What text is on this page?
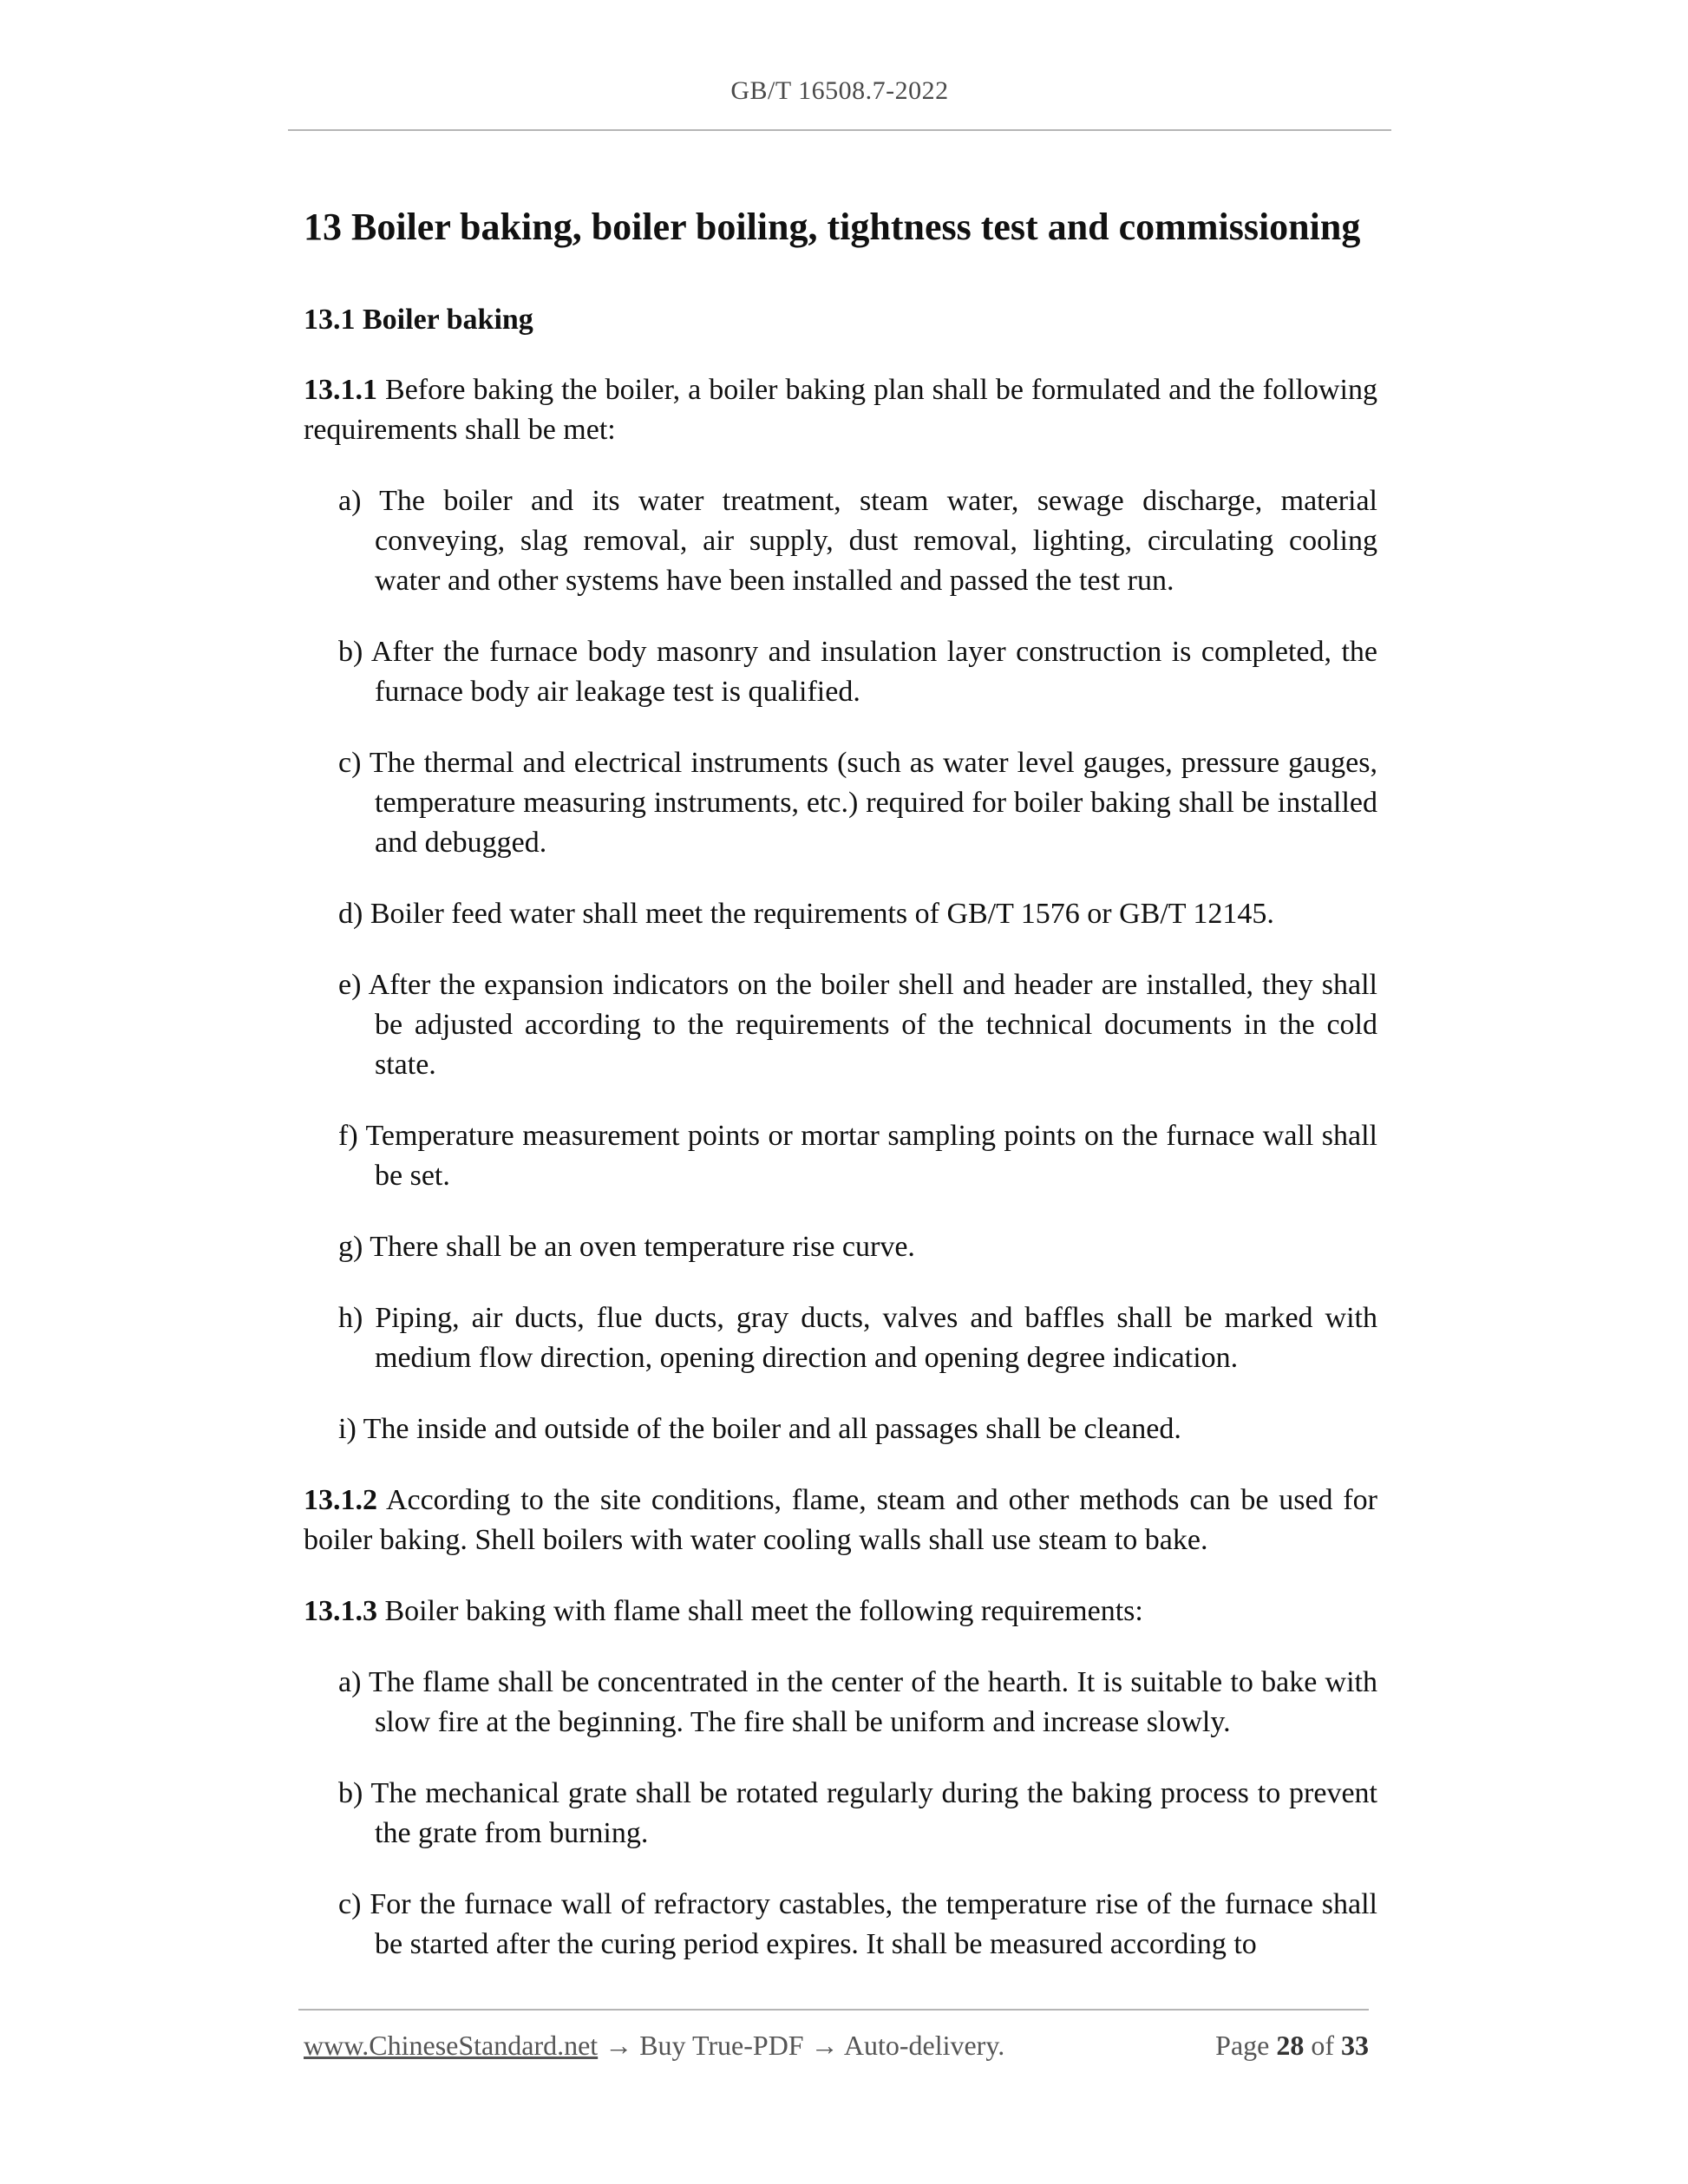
GB/T 16508.7-2022
13 Boiler baking, boiler boiling, tightness test and commissioning
13.1 Boiler baking
13.1.1 Before baking the boiler, a boiler baking plan shall be formulated and the following requirements shall be met:
a) The boiler and its water treatment, steam water, sewage discharge, material conveying, slag removal, air supply, dust removal, lighting, circulating cooling water and other systems have been installed and passed the test run.
b) After the furnace body masonry and insulation layer construction is completed, the furnace body air leakage test is qualified.
c) The thermal and electrical instruments (such as water level gauges, pressure gauges, temperature measuring instruments, etc.) required for boiler baking shall be installed and debugged.
d) Boiler feed water shall meet the requirements of GB/T 1576 or GB/T 12145.
e) After the expansion indicators on the boiler shell and header are installed, they shall be adjusted according to the requirements of the technical documents in the cold state.
f) Temperature measurement points or mortar sampling points on the furnace wall shall be set.
g) There shall be an oven temperature rise curve.
h) Piping, air ducts, flue ducts, gray ducts, valves and baffles shall be marked with medium flow direction, opening direction and opening degree indication.
i) The inside and outside of the boiler and all passages shall be cleaned.
13.1.2 According to the site conditions, flame, steam and other methods can be used for boiler baking. Shell boilers with water cooling walls shall use steam to bake.
13.1.3 Boiler baking with flame shall meet the following requirements:
a) The flame shall be concentrated in the center of the hearth. It is suitable to bake with slow fire at the beginning. The fire shall be uniform and increase slowly.
b) The mechanical grate shall be rotated regularly during the baking process to prevent the grate from burning.
c) For the furnace wall of refractory castables, the temperature rise of the furnace shall be started after the curing period expires. It shall be measured according to
www.ChineseStandard.net → Buy True-PDF → Auto-delivery.	Page 28 of 33
